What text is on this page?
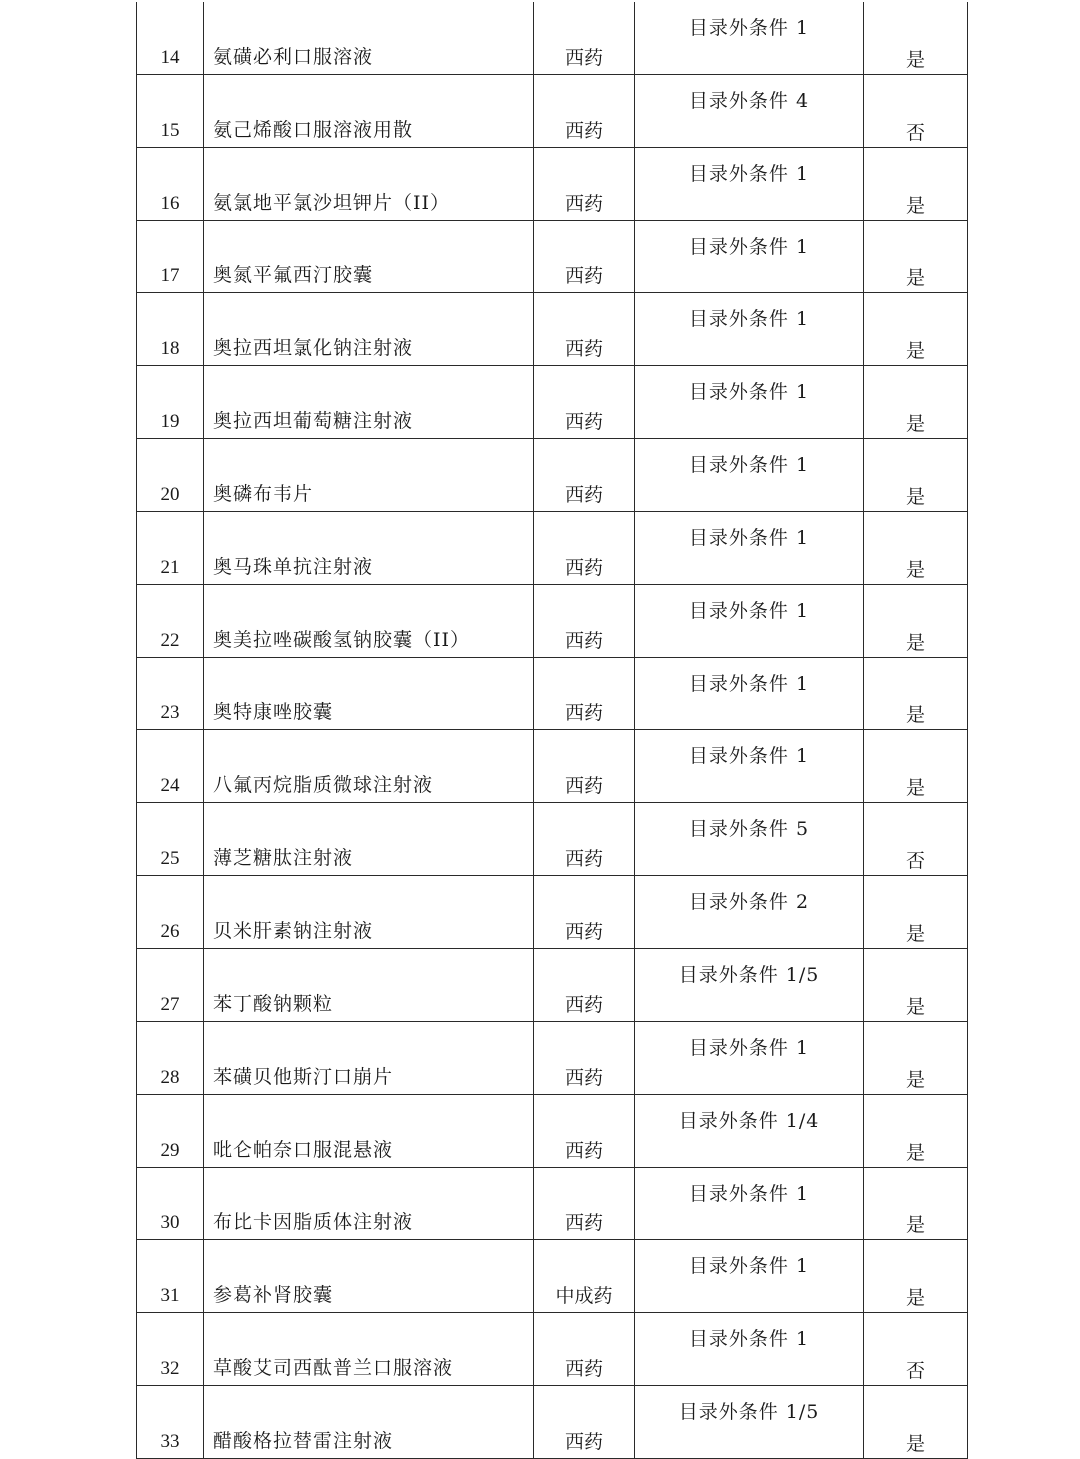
14	氨磺必利口服溶液	西药	目录外条件 1	是
15	氨己烯酸口服溶液用散	西药	目录外条件 4	否
16	氨氯地平氯沙坦钾片（II）	西药	目录外条件 1	是
17	奥氮平氟西汀胶囊	西药	目录外条件 1	是
18	奥拉西坦氯化钠注射液	西药	目录外条件 1	是
19	奥拉西坦葡萄糖注射液	西药	目录外条件 1	是
20	奥磷布韦片	西药	目录外条件 1	是
21	奥马珠单抗注射液	西药	目录外条件 1	是
22	奥美拉唑碳酸氢钠胶囊（II）	西药	目录外条件 1	是
23	奥特康唑胶囊	西药	目录外条件 1	是
24	八氟丙烷脂质微球注射液	西药	目录外条件 1	是
25	薄芝糖肽注射液	西药	目录外条件 5	否
26	贝米肝素钠注射液	西药	目录外条件 2	是
27	苯丁酸钠颗粒	西药	目录外条件 1/5	是
28	苯磺贝他斯汀口崩片	西药	目录外条件 1	是
29	吡仑帕奈口服混悬液	西药	目录外条件 1/4	是
30	布比卡因脂质体注射液	西药	目录外条件 1	是
31	参葛补肾胶囊	中成药	目录外条件 1	是
32	草酸艾司西酞普兰口服溶液	西药	目录外条件 1	否
33	醋酸格拉替雷注射液	西药	目录外条件 1/5	是
